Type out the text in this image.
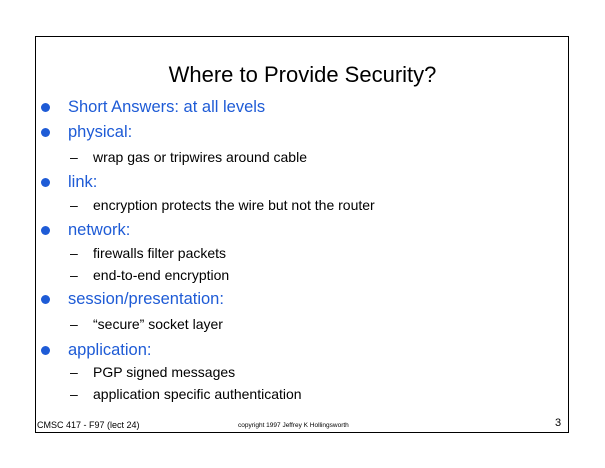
Where to Provide Security?
Short Answers: at all levels
physical:
– wrap gas or tripwires around cable
link:
– encryption protects the wire but not the router
network:
– firewalls filter packets
– end-to-end encryption
session/presentation:
– “secure” socket layer
application:
– PGP signed messages
– application specific authentication
CMSC 417 - F97 (lect 24)	copyright 1997 Jeffrey K Hollingsworth	3
